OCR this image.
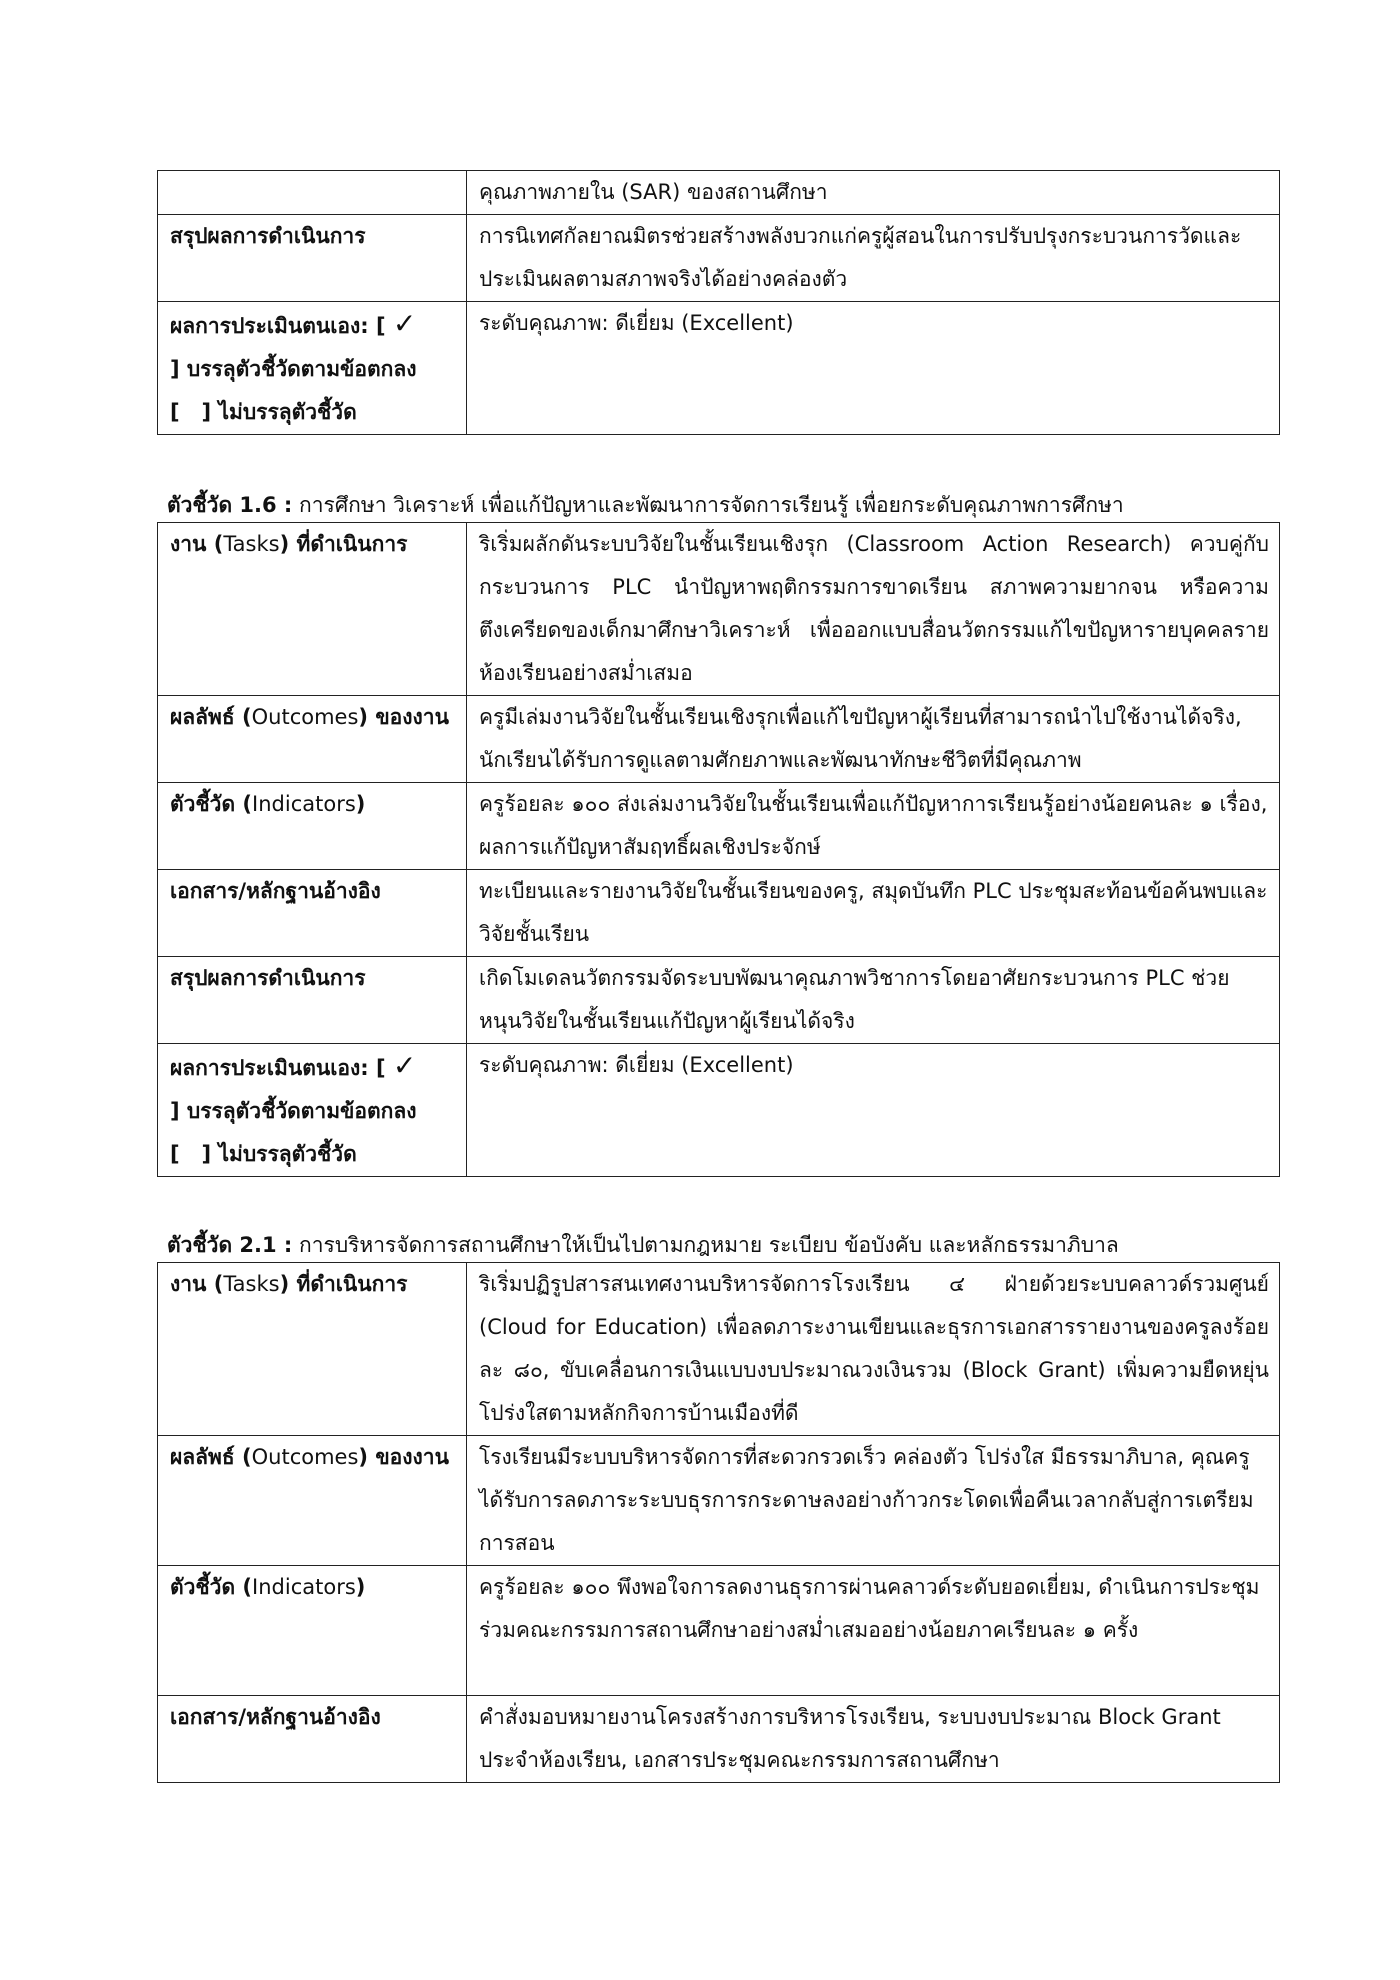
	คุณภาพภายใน (SAR) ของสถานศึกษา
สรุปผลการดำเนินการ	การนิเทศกัลยาณมิตรช่วยสร้างพลังบวกแก่ครูผู้สอนในการปรับปรุงกระบวนการวัดและประเมินผลตามสภาพจริงได้อย่างคล่องตัว

ผลการประเมินตนเอง: [ ✓
] บรรลุตัวชี้วัดตามข้อตกลง
[   ] ไม่บรรลุตัวชี้วัด	ระดับคุณภาพ: ดีเยี่ยม (Excellent)
ตัวชี้วัด 1.6 : การศึกษา วิเคราะห์ เพื่อแก้ปัญหาและพัฒนาการจัดการเรียนรู้ เพื่อยกระดับคุณภาพการศึกษา
งาน (Tasks) ที่ดำเนินการ	ริเริ่มผลักดันระบบวิจัยในชั้นเรียนเชิงรุก (Classroom Action Research) ควบคู่กับกระบวนการ PLC นำปัญหาพฤติกรรมการขาดเรียน สภาพความยากจน หรือความตึงเครียดของเด็กมาศึกษาวิเคราะห์ เพื่อออกแบบสื่อนวัตกรรมแก้ไขปัญหารายบุคคลรายห้องเรียนอย่างสม่ำเสมอ
ผลลัพธ์ (Outcomes) ของงาน	ครูมีเล่มงานวิจัยในชั้นเรียนเชิงรุกเพื่อแก้ไขปัญหาผู้เรียนที่สามารถนำไปใช้งานได้จริง, นักเรียนได้รับการดูแลตามศักยภาพและพัฒนาทักษะชีวิตที่มีคุณภาพ
ตัวชี้วัด (Indicators)	ครูร้อยละ ๑๐๐ ส่งเล่มงานวิจัยในชั้นเรียนเพื่อแก้ปัญหาการเรียนรู้อย่างน้อยคนละ ๑ เรื่อง, ผลการแก้ปัญหาสัมฤทธิ์ผลเชิงประจักษ์
เอกสาร/หลักฐานอ้างอิง	ทะเบียนและรายงานวิจัยในชั้นเรียนของครู, สมุดบันทึก PLC ประชุมสะท้อนข้อค้นพบและวิจัยชั้นเรียน
สรุปผลการดำเนินการ	เกิดโมเดลนวัตกรรมจัดระบบพัฒนาคุณภาพวิชาการโดยอาศัยกระบวนการ PLC ช่วยหนุนวิจัยในชั้นเรียนแก้ปัญหาผู้เรียนได้จริง

ผลการประเมินตนเอง: [ ✓
] บรรลุตัวชี้วัดตามข้อตกลง
[   ] ไม่บรรลุตัวชี้วัด	ระดับคุณภาพ: ดีเยี่ยม (Excellent)
ตัวชี้วัด 2.1 : การบริหารจัดการสถานศึกษาให้เป็นไปตามกฎหมาย ระเบียบ ข้อบังคับ และหลักธรรมาภิบาล
งาน (Tasks) ที่ดำเนินการ	ริเริ่มปฏิรูปสารสนเทศงานบริหารจัดการโรงเรียน ๔ ฝ่ายด้วยระบบคลาวด์รวมศูนย์ (Cloud for Education) เพื่อลดภาระงานเขียนและธุรการเอกสารรายงานของครูลงร้อยละ ๘๐, ขับเคลื่อนการเงินแบบงบประมาณวงเงินรวม (Block Grant) เพิ่มความยืดหยุ่นโปร่งใสตามหลักกิจการบ้านเมืองที่ดี
ผลลัพธ์ (Outcomes) ของงาน	โรงเรียนมีระบบบริหารจัดการที่สะดวกรวดเร็ว คล่องตัว โปร่งใส มีธรรมาภิบาล, คุณครูได้รับการลดภาระระบบธุรการกระดาษลงอย่างก้าวกระโดดเพื่อคืนเวลากลับสู่การเตรียมการสอน
ตัวชี้วัด (Indicators)	ครูร้อยละ ๑๐๐ พึงพอใจการลดงานธุรการผ่านคลาวด์ระดับยอดเยี่ยม, ดำเนินการประชุมร่วมคณะกรรมการสถานศึกษาอย่างสม่ำเสมออย่างน้อยภาคเรียนละ ๑ ครั้ง
เอกสาร/หลักฐานอ้างอิง	คำสั่งมอบหมายงานโครงสร้างการบริหารโรงเรียน, ระบบงบประมาณ Block Grant ประจำห้องเรียน, เอกสารประชุมคณะกรรมการสถานศึกษา
